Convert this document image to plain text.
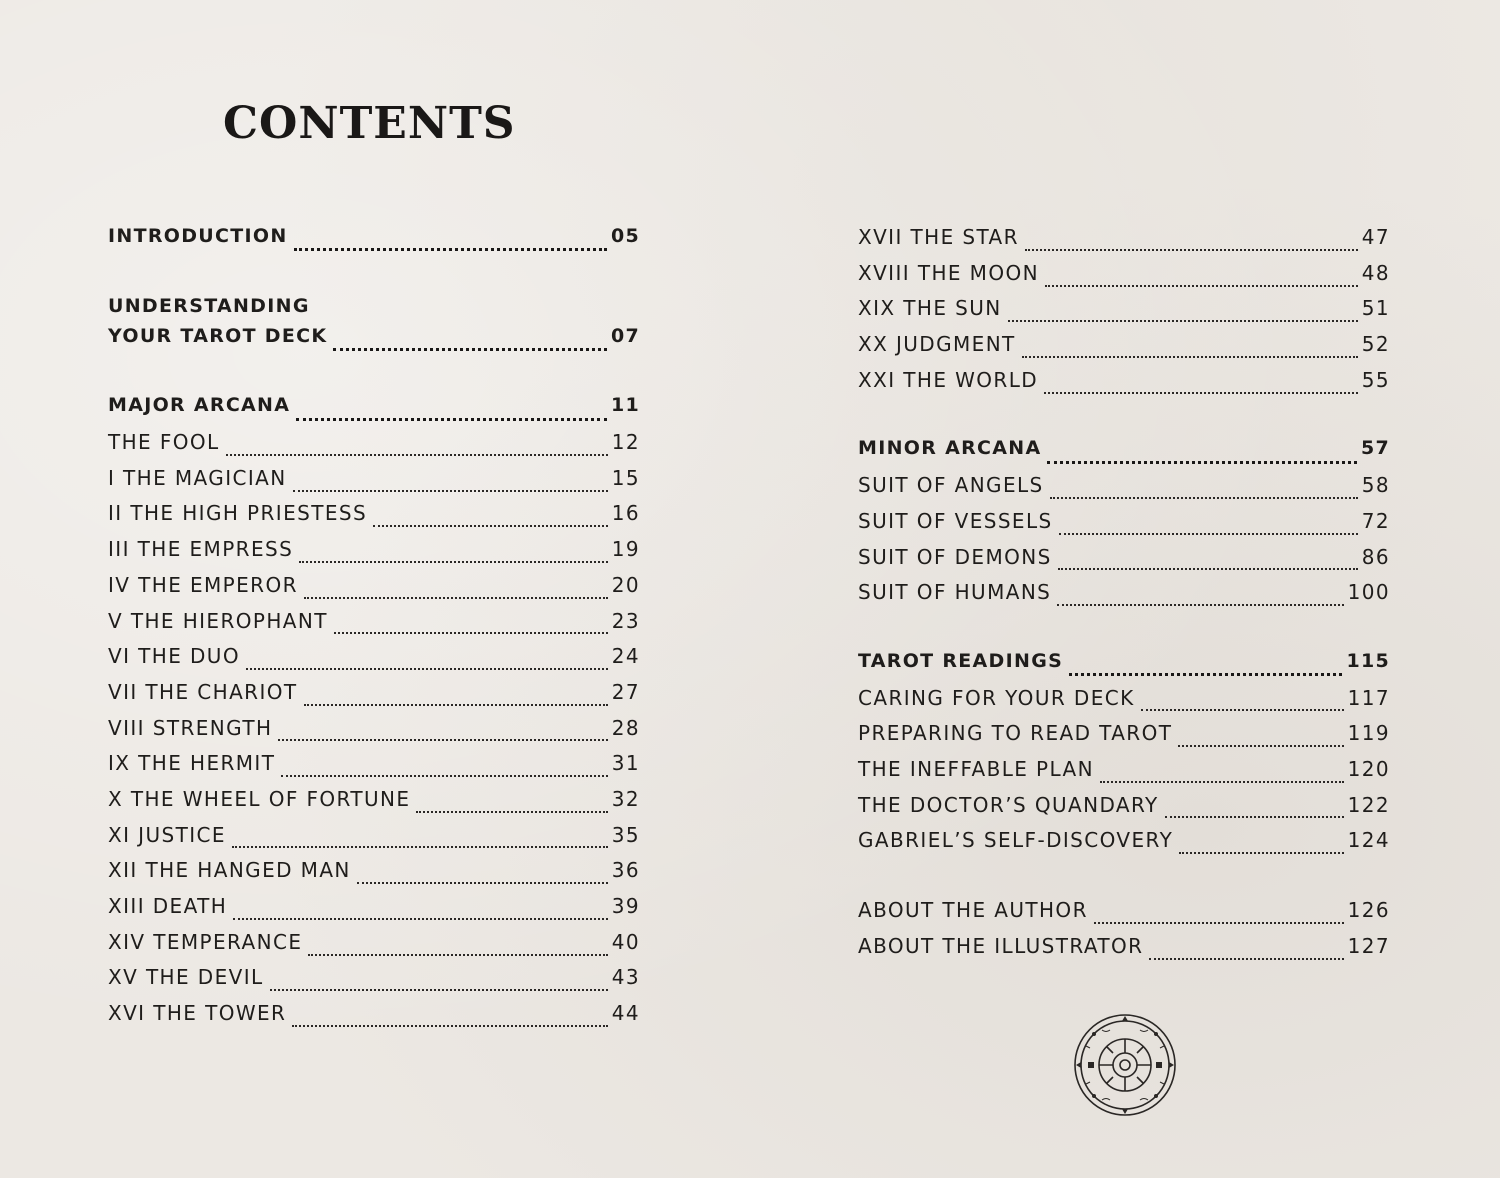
CONTENTS
INTRODUCTION	05
UNDERSTANDING
YOUR TAROT DECK	07
MAJOR ARCANA	11
THE FOOL	12
I THE MAGICIAN	15
II THE HIGH PRIESTESS	16
III THE EMPRESS	19
IV THE EMPEROR	20
V THE HIEROPHANT	23
VI THE DUO	24
VII THE CHARIOT	27
VIII STRENGTH	28
IX THE HERMIT	31
X THE WHEEL OF FORTUNE	32
XI JUSTICE	35
XII THE HANGED MAN	36
XIII DEATH	39
XIV TEMPERANCE	40
XV THE DEVIL	43
XVI THE TOWER	44
XVII THE STAR	47
XVIII THE MOON	48
XIX THE SUN	51
XX JUDGMENT	52
XXI THE WORLD	55
MINOR ARCANA	57
SUIT OF ANGELS	58
SUIT OF VESSELS	72
SUIT OF DEMONS	86
SUIT OF HUMANS	100
TAROT READINGS	115
CARING FOR YOUR DECK	117
PREPARING TO READ TAROT	119
THE INEFFABLE PLAN	120
THE DOCTOR’S QUANDARY	122
GABRIEL’S SELF-DISCOVERY	124
ABOUT THE AUTHOR	126
ABOUT THE ILLUSTRATOR	127
